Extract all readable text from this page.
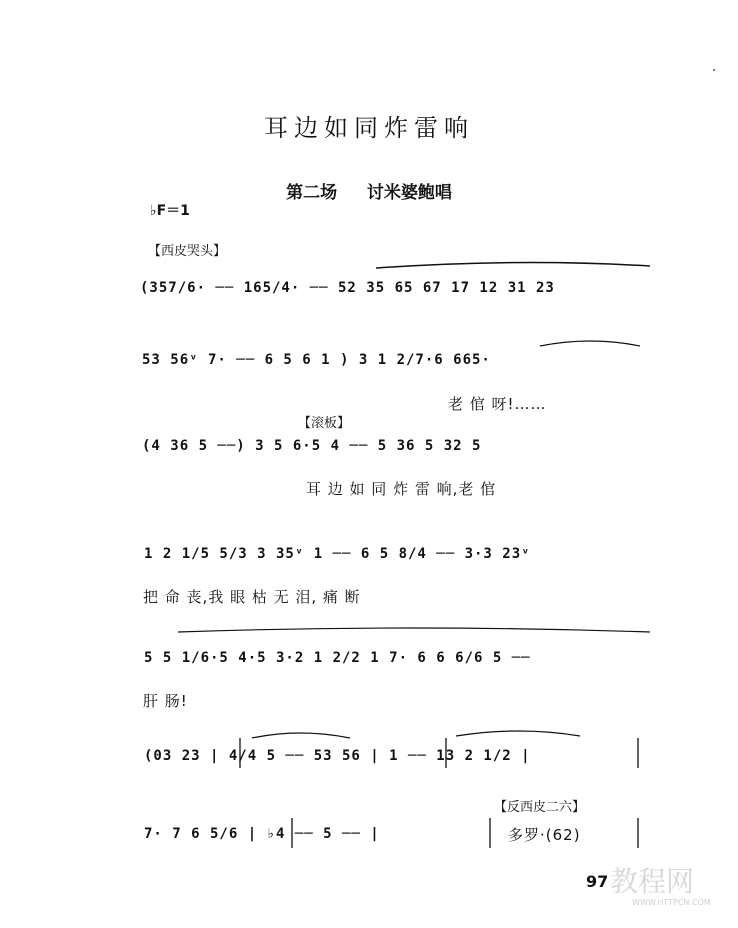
耳边如同炸雷响
第二场 讨米婆鲍唱
♭F＝1
【西皮哭头】
(357/6· ── 165/4· ── 52 35 65 67 17 12 31 23
53 56ᵛ 7· ── 6 5 6 1 ) 3 1 2/7·6 665·
老 倌 呀!……
【滚板】
(4 36 5 ──) 3 5 6·5 4 ── 5 36 5 32 5
耳 边 如 同 炸 雷 响,老 倌
1 2 1/5 5/3 3 35ᵛ 1 ── 6 5 8/4 ── 3·3 23ᵛ
把 命 丧,我 眼 枯 无 泪, 痛 断
5 5 1/6·5 4·5 3·2 1 2/2 1 7· 6 6 6/6 5 ──
肝 肠!
(03 23 | 4/4 5 ── 53 56 | 1 ── 13 2 1/2 |
【反西皮二六】
7· 7 6 5/6 | ♭4 ── 5 ── |	多罗·(62)
教程网
WWW.HTTPCN.COM
97
